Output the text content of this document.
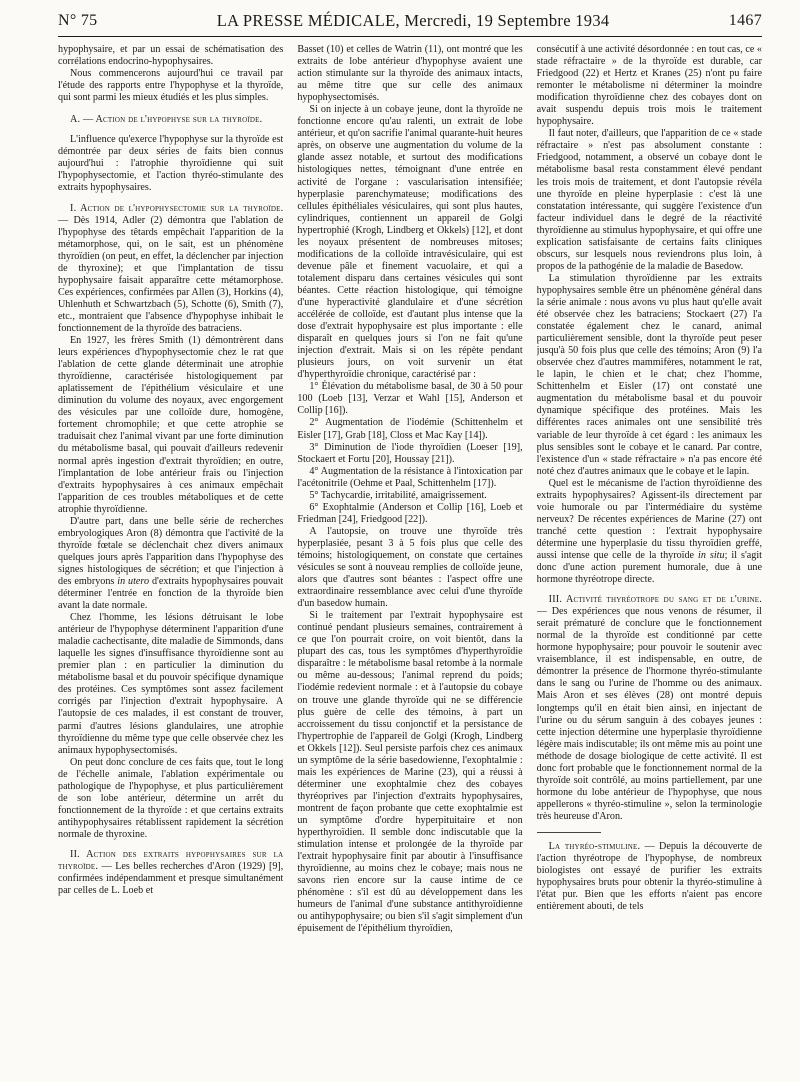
N° 75	LA PRESSE MÉDICALE, Mercredi, 19 Septembre 1934	1467

hypophysaire, et par un essai de schématisation des corrélations endocrino-hypophysaires.

Nous commencerons aujourd'hui ce travail par l'étude des rapports entre l'hypophyse et la thyroïde, qui sont parmi les mieux étudiés et les plus simples.

A. — Action de l'hypophyse sur la thyroïde.

L'influence qu'exerce l'hypophyse sur la thyroïde est démontrée par deux séries de faits bien connus aujourd'hui : l'atrophie thyroïdienne qui suit l'hypophysectomie, et l'action thyréo-stimulante des extraits hypophysaires.

I. Action de l'hypophysectomie sur la thyroïde. — Dès 1914, Adler (2) démontra que l'ablation de l'hypophyse des têtards empêchait l'apparition de la métamorphose, qui, on le sait, est un phénomène thyroïdien (on peut, en effet, la déclencher par injection de thyroxine); et que l'implantation de tissu hypophysaire faisait apparaître cette métamorphose. Ces expériences, confirmées par Allen (3), Horkins (4), Uhlenhuth et Schwartzbach (5), Schotte (6), Smith (7), etc., montraient que l'absence d'hypophyse inhibait le fonctionnement de la thyroïde des batraciens.

En 1927, les frères Smith (1) démontrèrent dans leurs expériences d'hypophysectomie chez le rat que l'ablation de cette glande déterminait une atrophie thyroïdienne, caractérisée histologiquement par aplatissement de l'épithélium vésiculaire et une diminution du volume des noyaux, avec engorgement des vésicules par une colloïde dure, homogène, fortement chromophile; et que cette atrophie se traduisait chez l'animal vivant par une forte diminution du métabolisme basal, qui pouvait d'ailleurs redevenir normal après ingestion d'extrait thyroïdien; en outre, l'implantation de lobe antérieur frais ou l'injection d'extraits hypophysaires à ces animaux empêchait l'apparition de ces troubles métaboliques et de cette atrophie thyroïdienne.

D'autre part, dans une belle série de recherches embryologiques Aron (8) démontra que l'activité de la thyroïde fœtale se déclenchait chez divers animaux quelques jours après l'apparition dans l'hypophyse des signes histologiques de sécrétion; et que l'injection à des embryons in utero d'extraits hypophysaires pouvait déterminer l'entrée en fonction de la thyroïde bien avant la date normale.

Chez l'homme, les lésions détruisant le lobe antérieur de l'hypophyse déterminent l'apparition d'une maladie cachectisante, dite maladie de Simmonds, dans laquelle les signes d'insuffisance thyroïdienne sont au premier plan : en particulier la diminution du métabolisme basal et du pouvoir spécifique dynamique des protéines. Ces symptômes sont assez facilement corrigés par l'injection d'extrait hypophysaire. A l'autopsie de ces malades, il est constant de trouver, parmi d'autres lésions glandulaires, une atrophie thyroïdienne du même type que celle observée chez les animaux hypophysectomisés.

On peut donc conclure de ces faits que, tout le long de l'échelle animale, l'ablation expérimentale ou pathologique de l'hypophyse, et plus particulièrement de son lobe antérieur, détermine un arrêt du fonctionnement de la thyroïde : et que certains extraits antihypophysaires rétablissent rapidement la sécrétion normale de thyroxine.

II. Action des extraits hypophysaires sur la thyroïde. — Les belles recherches d'Aron (1929) [9], confirmées indépendamment et presque simultanément par celles de L. Loeb et

Basset (10) et celles de Watrin (11), ont montré que les extraits de lobe antérieur d'hypophyse avaient une action stimulante sur la thyroïde des animaux intacts, au même titre que sur celle des animaux hypophysectomisés.

Si on injecte à un cobaye jeune, dont la thyroïde ne fonctionne encore qu'au ralenti, un extrait de lobe antérieur, et qu'on sacrifie l'animal quarante-huit heures après, on observe une augmentation du volume de la glande assez notable, et surtout des modifications histologiques nettes, témoignant d'une entrée en activité de l'organe : vascularisation intensifiée; hyperplasie parenchymateuse; modifications des cellules épithéliales vésiculaires, qui sont plus hautes, cylindriques, contiennent un appareil de Golgi hypertrophié (Krogh, Lindberg et Okkels) [12], et dont les noyaux présentent de nombreuses mitoses; modifications de la colloïde intravésiculaire, qui est devenue pâle et finement vacuolaire, et qui a totalement disparu dans certaines vésicules qui sont béantes. Cette réaction histologique, qui témoigne d'une hyperactivité glandulaire et d'une sécrétion accélérée de colloïde, est d'autant plus intense que la dose d'extrait hypophysaire est plus importante : elle disparaît en quelques jours si l'on ne fait qu'une injection d'extrait. Mais si on les répète pendant plusieurs jours, on voit survenir un état d'hyperthyroïdie chronique, caractérisé par :

1° Élévation du métabolisme basal, de 30 à 50 pour 100 (Loeb [13], Verzar et Wahl [15], Anderson et Collip [16]).

2° Augmentation de l'iodémie (Schittenhelm et Eisler [17], Grab [18], Closs et Mac Kay [14]).

3° Diminution de l'iode thyroïdien (Loeser [19], Stockaert et Fortu [20], Houssay [21]).

4° Augmentation de la résistance à l'intoxication par l'acétonitrile (Oehme et Paal, Schittenhelm [17]).

5° Tachycardie, irritabilité, amaigrissement.

6° Exophtalmie (Anderson et Collip [16], Loeb et Friedman [24], Friedgood [22]).

A l'autopsie, on trouve une thyroïde très hyperplasiée, pesant 3 à 5 fois plus que celle des témoins; histologiquement, on constate que certaines vésicules se sont à nouveau remplies de colloïde jeune, alors que d'autres sont béantes : l'aspect offre une extraordinaire ressemblance avec celui d'une thyroïde d'un basedow humain.

Si le traitement par l'extrait hypophysaire est continué pendant plusieurs semaines, contrairement à ce que l'on pourrait croire, on voit bientôt, dans la plupart des cas, tous les symptômes d'hyperthyroïdie disparaître : le métabolisme basal retombe à la normale ou même au-dessous; l'animal reprend du poids; l'iodémie redevient normale : et à l'autopsie du cobaye on trouve une glande thyroïde qui ne se différencie plus guère de celle des témoins, à part un accroissement du tissu conjonctif et la persistance de l'hypertrophie de l'appareil de Golgi (Krogh, Lindberg et Okkels [12]). Seul persiste parfois chez ces animaux un symptôme de la série basedowienne, l'exophtalmie : mais les expériences de Marine (23), qui a réussi à déterminer une exophtalmie chez des cobayes thyréoprives par l'injection d'extraits hypophysaires, montrent de façon probante que cette exophtalmie est un symptôme d'ordre hyperpituitaire et non hyperthyroïdien. Il semble donc indiscutable que la stimulation intense et prolongée de la thyroïde par l'extrait hypophysaire finit par aboutir à l'insuffisance thyroïdienne, au moins chez le cobaye; mais nous ne savons rien encore sur la cause intime de ce phénomène : s'il est dû au développement dans les humeurs de l'animal d'une substance antithyroïdienne ou antihypophysaire; ou bien s'il s'agit simplement d'un épuisement de l'épithélium thyroïdien,

consécutif à une activité désordonnée : en tout cas, ce « stade réfractaire » de la thyroïde est durable, car Friedgood (22) et Hertz et Kranes (25) n'ont pu faire remonter le métabolisme ni déterminer la moindre modification thyroïdienne chez des cobayes dont on avait suspendu depuis trois mois le traitement hypophysaire.

Il faut noter, d'ailleurs, que l'apparition de ce « stade réfractaire » n'est pas absolument constante : Friedgood, notamment, a observé un cobaye dont le métabolisme basal resta constamment élevé pendant les trois mois de traitement, et dont l'autopsie révéla une thyroïde en pleine hyperplasie : c'est là une constatation intéressante, qui suggère l'existence d'un facteur individuel dans le degré de la réactivité thyroïdienne au stimulus hypophysaire, et qui offre une explication satisfaisante de certains faits cliniques obscurs, sur lesquels nous reviendrons plus loin, à propos de la pathogénie de la maladie de Basedow.

La stimulation thyroïdienne par les extraits hypophysaires semble être un phénomène général dans la série animale : nous avons vu plus haut qu'elle avait été observée chez les batraciens; Stockaert (27) l'a constatée également chez le canard, animal particulièrement sensible, dont la thyroïde peut peser jusqu'à 50 fois plus que celle des témoins; Aron (9) l'a observée chez d'autres mammifères, notamment le rat, le lapin, le chien et le chat; chez l'homme, Schittenhelm et Eisler (17) ont constaté une augmentation du métabolisme basal et du pouvoir dynamique spécifique des protéines. Mais les différentes races animales ont une sensibilité très variable de leur thyroïde à cet égard : les animaux les plus sensibles sont le cobaye et le canard. Par contre, l'existence d'un « stade réfractaire » n'a pas encore été noté chez d'autres animaux que le cobaye et le lapin.

Quel est le mécanisme de l'action thyroïdienne des extraits hypophysaires? Agissent-ils directement par voie humorale ou par l'intermédiaire du système nerveux? De récentes expériences de Marine (27) ont tranché cette question : l'extrait hypophysaire détermine une hyperplasie du tissu thyroïdien greffé, aussi intense que celle de la thyroïde in situ; il s'agit donc d'une action purement humorale, due à une hormone thyréotrope directe.

III. Activité thyréotrope du sang et de l'urine. — Des expériences que nous venons de résumer, il serait prématuré de conclure que le fonctionnement normal de la thyroïde est conditionné par cette hormone hypophysaire; pour pouvoir le soutenir avec vraisemblance, il est indispensable, en outre, de démontrer la présence de l'hormone thyréo-stimulante dans le sang ou l'urine de l'homme ou des animaux. Mais Aron et ses élèves (28) ont montré depuis longtemps qu'il en était bien ainsi, en injectant de l'urine ou du sérum sanguin à des cobayes jeunes : cette injection détermine une hyperplasie thyroïdienne légère mais indiscutable; ils ont même mis au point une méthode de dosage biologique de cette activité. Il est donc fort probable que le fonctionnement normal de la thyroïde soit contrôlé, au moins partiellement, par une hormone du lobe antérieur de l'hypophyse, que nous appellerons « thyréo-stimuline », selon la terminologie très heureuse d'Aron.

La thyréo-stimuline. — Depuis la découverte de l'action thyréotrope de l'hypophyse, de nombreux biologistes ont essayé de purifier les extraits hypophysaires bruts pour obtenir la thyréo-stimuline à l'état pur. Bien que les efforts n'aient pas encore entièrement abouti, de tels
